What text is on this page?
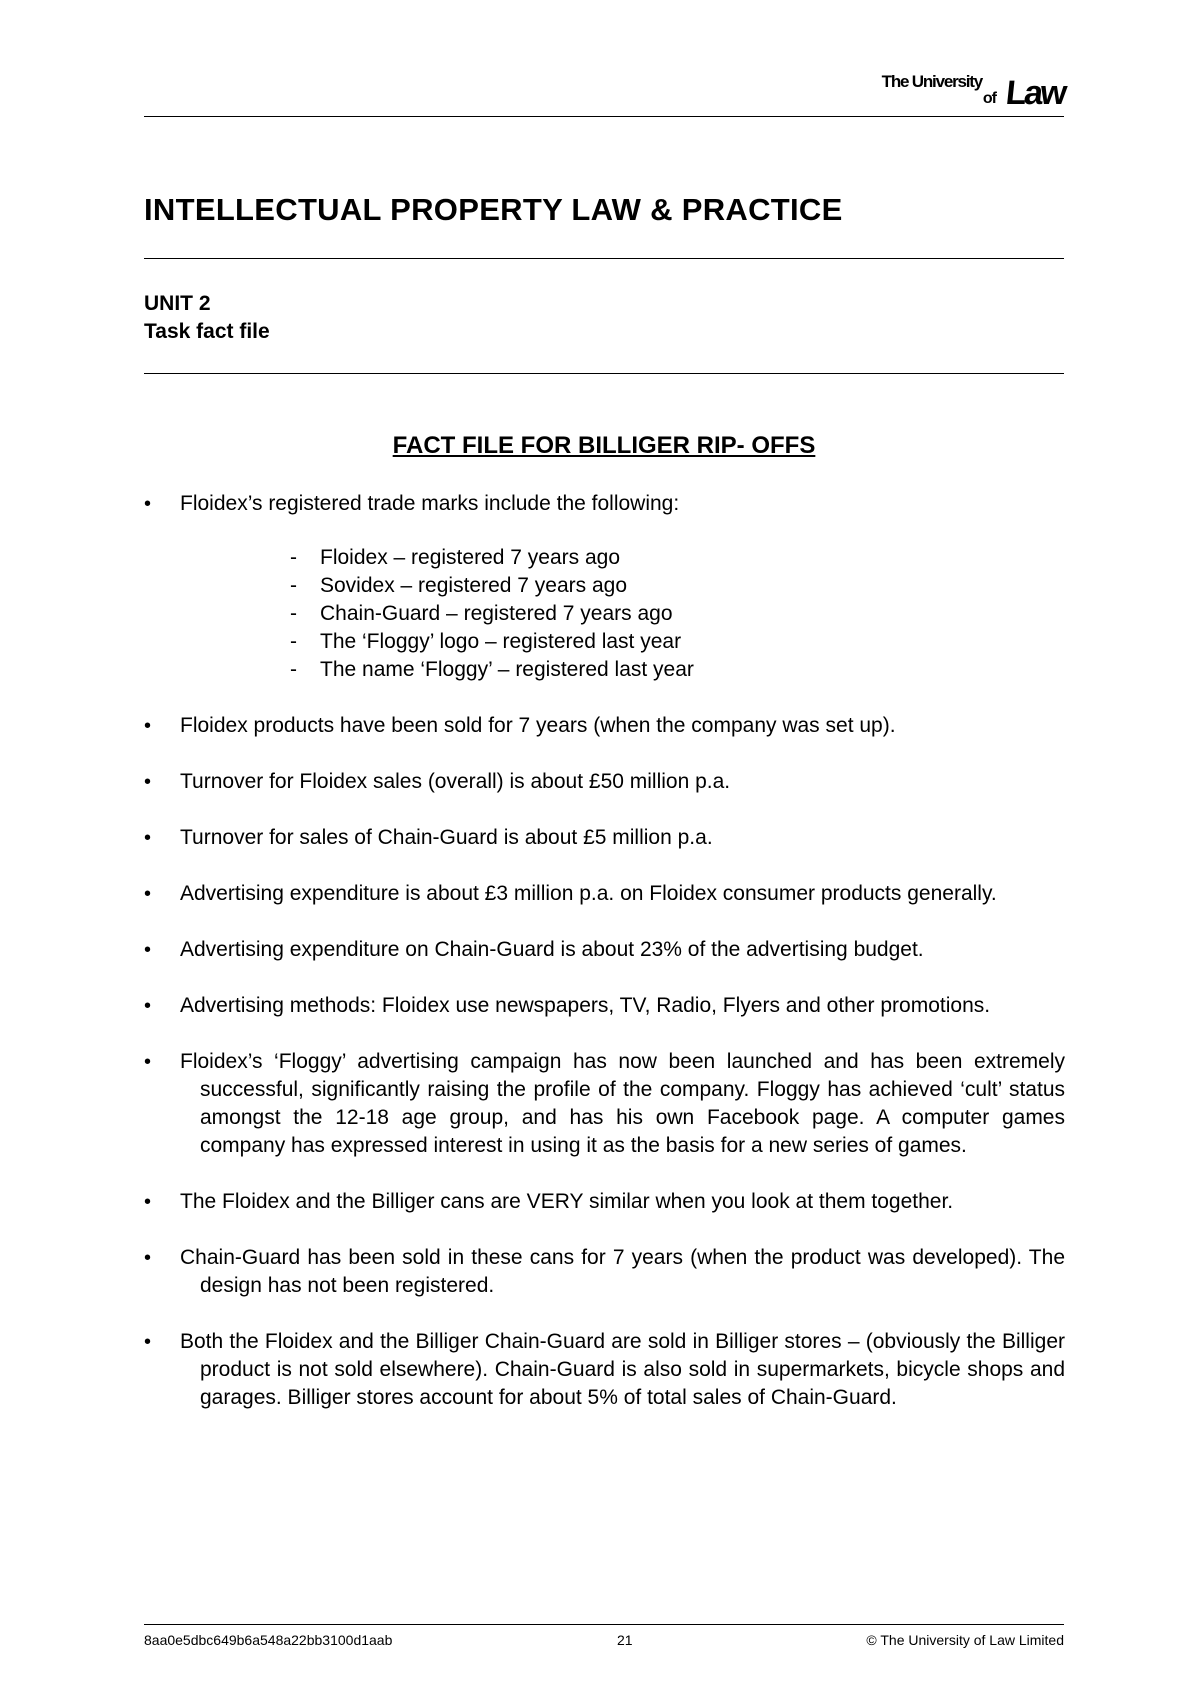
The University
of Law
INTELLECTUAL PROPERTY LAW & PRACTICE
UNIT 2
Task fact file
FACT FILE FOR BILLIGER RIP- OFFS
• Floidex’s registered trade marks include the following:
- Floidex – registered 7 years ago
- Sovidex – registered 7 years ago
- Chain-Guard – registered 7 years ago
- The ‘Floggy’ logo – registered last year
- The name ‘Floggy’ – registered last year
• Floidex products have been sold for 7 years (when the company was set up).
• Turnover for Floidex sales (overall) is about £50 million p.a.
• Turnover for sales of Chain-Guard is about £5 million p.a.
• Advertising expenditure is about £3 million p.a. on Floidex consumer products generally.
• Advertising expenditure on Chain-Guard is about 23% of the advertising budget.
• Advertising methods: Floidex use newspapers, TV, Radio, Flyers and other promotions.
• Floidex’s ‘Floggy’ advertising campaign has now been launched and has been extremely successful, significantly raising the profile of the company. Floggy has achieved ‘cult’ status amongst the 12-18 age group, and has his own Facebook page. A computer games company has expressed interest in using it as the basis for a new series of games.
• The Floidex and the Billiger cans are VERY similar when you look at them together.
• Chain-Guard has been sold in these cans for 7 years (when the product was developed). The design has not been registered.
• Both the Floidex and the Billiger Chain-Guard are sold in Billiger stores – (obviously the Billiger product is not sold elsewhere). Chain-Guard is also sold in supermarkets, bicycle shops and garages. Billiger stores account for about 5% of total sales of Chain-Guard.
8aa0e5dbc649b6a548a22bb3100d1aab	21	© The University of Law Limited
